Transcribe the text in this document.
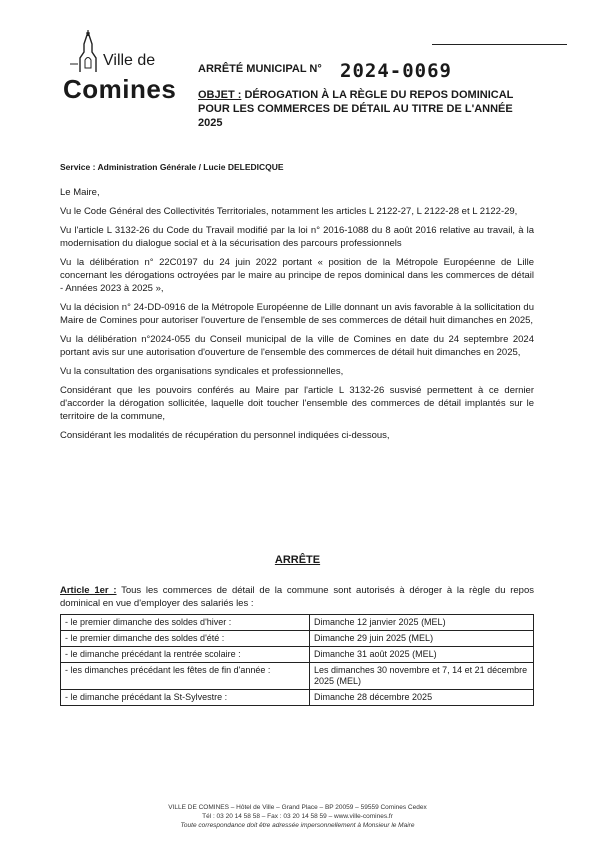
Ville de
Comines
ARRÊTÉ MUNICIPAL N° 2024-0069
OBJET : DÉROGATION À LA RÈGLE DU REPOS DOMINICAL POUR LES COMMERCES DE DÉTAIL AU TITRE DE L'ANNÉE 2025
Service : Administration Générale / Lucie DELEDICQUE

Le Maire,

Vu le Code Général des Collectivités Territoriales, notamment les articles L 2122-27, L 2122-28 et L 2122-29,

Vu l'article L 3132-26 du Code du Travail modifié par la loi n° 2016-1088 du 8 août 2016 relative au travail, à la modernisation du dialogue social et à la sécurisation des parcours professionnels

Vu la délibération n° 22C0197 du 24 juin 2022 portant « position de la Métropole Européenne de Lille concernant les dérogations octroyées par le maire au principe de repos dominical dans les commerces de détail - Années 2023 à 2025 »,

Vu la décision n° 24-DD-0916 de la Métropole Européenne de Lille donnant un avis favorable à la sollicitation du Maire de Comines pour autoriser l'ouverture de l'ensemble de ses commerces de détail huit dimanches en 2025,

Vu la délibération n°2024-055 du Conseil municipal de la ville de Comines en date du 24 septembre 2024 portant avis sur une autorisation d'ouverture de l'ensemble des commerces de détail huit dimanches en 2025,

Vu la consultation des organisations syndicales et professionnelles,

Considérant que les pouvoirs conférés au Maire par l'article L 3132-26 susvisé permettent à ce dernier d'accorder la dérogation sollicitée, laquelle doit toucher l'ensemble des commerces de détail implantés sur le territoire de la commune,

Considérant les modalités de récupération du personnel indiquées ci-dessous,

ARRÊTE
Article 1er : Tous les commerces de détail de la commune sont autorisés à déroger à la règle du repos dominical en vue d'employer des salariés les :
- le premier dimanche des soldes d'hiver :	Dimanche 12 janvier 2025 (MEL)
- le premier dimanche des soldes d'été :	Dimanche 29 juin 2025 (MEL)
- le dimanche précédant la rentrée scolaire :	Dimanche 31 août 2025 (MEL)
- les dimanches précédant les fêtes de fin d'année :	Les dimanches 30 novembre et 7, 14 et 21 décembre 2025 (MEL)
- le dimanche précédant la St-Sylvestre :	Dimanche 28 décembre 2025
VILLE DE COMINES – Hôtel de Ville – Grand Place – BP 20059 – 59559 Comines Cedex
Tél : 03 20 14 58 58 – Fax : 03 20 14 58 59 – www.ville-comines.fr
Toute correspondance doit être adressée impersonnellement à Monsieur le Maire
